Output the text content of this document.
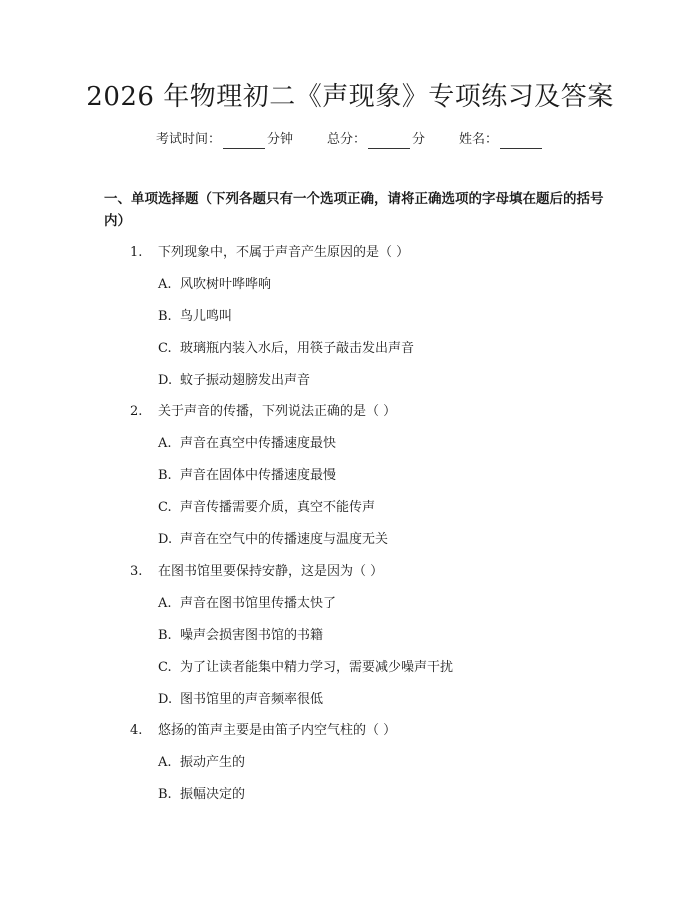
2026 年物理初二《声现象》专项练习及答案
考试时间：	分钟	总分：	分	姓名：
一、单项选择题（下列各题只有一个选项正确，请将正确选项的字母填在题后的括号内）
1. 下列现象中，不属于声音产生原因的是（ ）
A. 风吹树叶哗哗响
B. 鸟儿鸣叫
C. 玻璃瓶内装入水后，用筷子敲击发出声音
D. 蚊子振动翅膀发出声音
2. 关于声音的传播，下列说法正确的是（ ）
A. 声音在真空中传播速度最快
B. 声音在固体中传播速度最慢
C. 声音传播需要介质，真空不能传声
D. 声音在空气中的传播速度与温度无关
3. 在图书馆里要保持安静，这是因为（ ）
A. 声音在图书馆里传播太快了
B. 噪声会损害图书馆的书籍
C. 为了让读者能集中精力学习，需要减少噪声干扰
D. 图书馆里的声音频率很低
4. 悠扬的笛声主要是由笛子内空气柱的（ ）
A. 振动产生的
B. 振幅决定的
